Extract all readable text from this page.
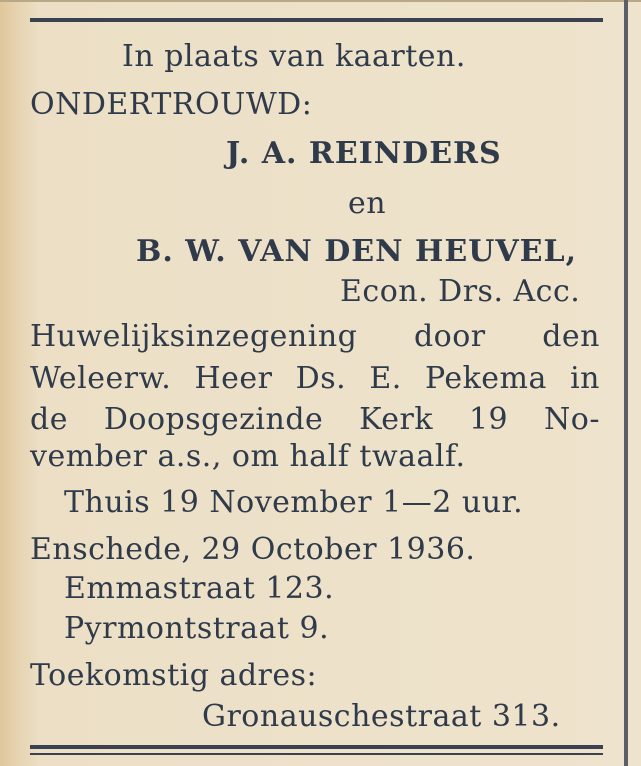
In plaats van kaarten.
ONDERTROUWD:
J. A. REINDERS
en
B. W. VAN DEN HEUVEL,
Econ. Drs. Acc.
Huwelijksinzegening door den
Weleerw. Heer Ds. E. Pekema in
de Doopsgezinde Kerk 19 No-
vember a.s., om half twaalf.
Thuis 19 November 1—2 uur.
Enschede, 29 October 1936.
Emmastraat 123.
Pyrmontstraat 9.
Toekomstig adres:
Gronauschestraat 313.
